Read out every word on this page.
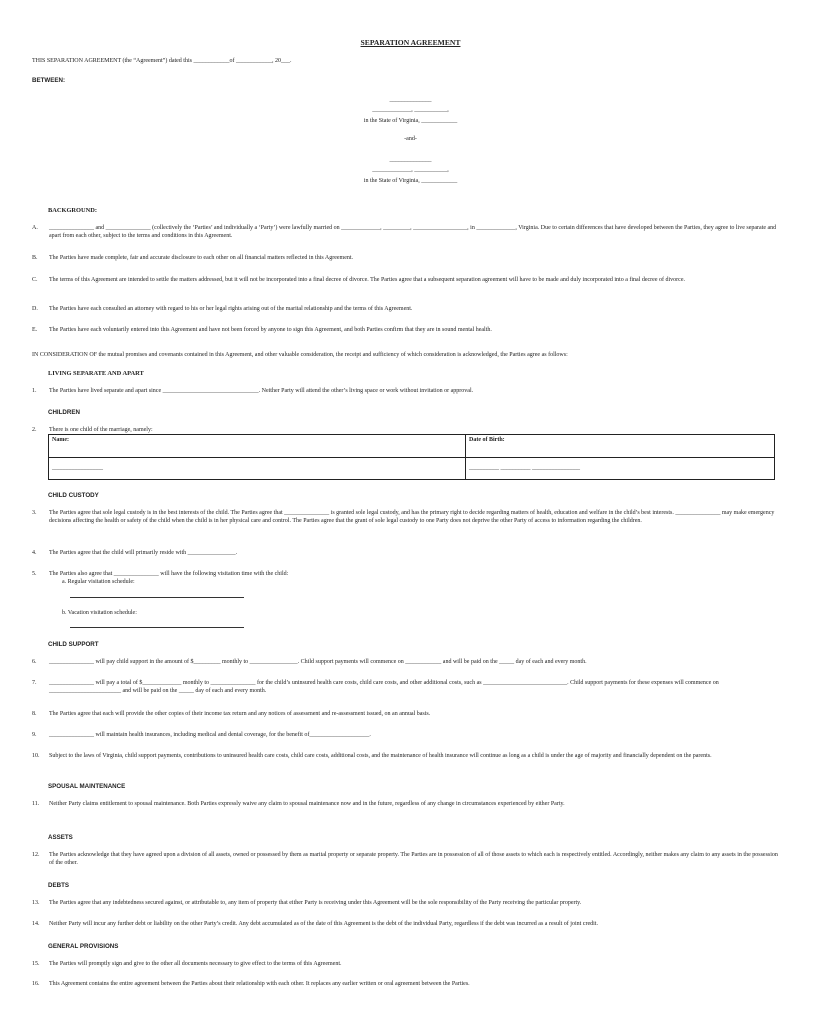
SEPARATION AGREEMENT
THIS SEPARATION AGREEMENT (the “Agreement”) dated this ____________of ____________, 20___.
BETWEEN:
______________
_____________, ___________,
in the State of Virginia, ____________
-and-
______________
_____________, ___________,
in the State of Virginia, ____________
BACKGROUND:
A.	_______________ and _______________ (collectively the ‘Parties’ and individually a ‘Party’) were lawfully married on _____________, _________, __________________, in _____________, Virginia. Due to certain differences that have developed between the Parties, they agree to live separate and apart from each other, subject to the terms and conditions in this Agreement.
B.	The Parties have made complete, fair and accurate disclosure to each other on all financial matters reflected in this Agreement.
C.	The terms of this Agreement are intended to settle the matters addressed, but it will not be incorporated into a final decree of divorce. The Parties agree that a subsequent separation agreement will have to be made and duly incorporated into a final decree of divorce.
D.	The Parties have each consulted an attorney with regard to his or her legal rights arising out of the marital relationship and the terms of this Agreement.
E.	The Parties have each voluntarily entered into this Agreement and have not been forced by anyone to sign this Agreement, and both Parties confirm that they are in sound mental health.
IN CONSIDERATION OF the mutual promises and covenants contained in this Agreement, and other valuable consideration, the receipt and sufficiency of which consideration is acknowledged, the Parties agree as follows:
LIVING SEPARATE AND APART
1.	The Parties have lived separate and apart since ________________________________. Neither Party will attend the other’s living space or work without invitation or approval.
CHILDREN
2.	There is one child of the marriage, namely:
Name:	Date of Birth:
_________________	__________ __________ ________________
CHILD CUSTODY
3.	The Parties agree that sole legal custody is in the best interests of the child. The Parties agree that _______________ is granted sole legal custody, and has the primary right to decide regarding matters of health, education and welfare in the child’s best interests. _______________ may make emergency decisions affecting the health or safety of the child when the child is in her physical care and control. The Parties agree that the grant of sole legal custody to one Party does not deprive the other Party of access to information regarding the children.
4.	The Parties agree that the child will primarily reside with ________________.
5.	The Parties also agree that _______________ will have the following visitation time with the child:
a. Regular visitation schedule:
b. Vacation visitation schedule:
CHILD SUPPORT
6.	_______________ will pay child support in the amount of $_________ monthly to ________________. Child support payments will commence on ____________ and will be paid on the _____ day of each and every month.
7.	_______________ will pay a total of $_____________ monthly to _______________ for the child’s uninsured health care costs, child care costs, and other additional costs, such as ____________________________. Child support payments for these expenses will commence on ________________________ and will be paid on the _____ day of each and every month.
8.	The Parties agree that each will provide the other copies of their income tax return and any notices of assessment and re-assessment issued, on an annual basis.
9.	_______________ will maintain health insurances, including medical and dental coverage, for the benefit of____________________.
10.	Subject to the laws of Virginia, child support payments, contributions to uninsured health care costs, child care costs, additional costs, and the maintenance of health insurance will continue as long as a child is under the age of majority and financially dependent on the parents.
SPOUSAL MAINTENANCE
11.	Neither Party claims entitlement to spousal maintenance. Both Parties expressly waive any claim to spousal maintenance now and in the future, regardless of any change in circumstances experienced by either Party.
ASSETS
12.	The Parties acknowledge that they have agreed upon a division of all assets, owned or possessed by them as marital property or separate property. The Parties are in possession of all of those assets to which each is respectively entitled. Accordingly, neither makes any claim to any assets in the possession of the other.
DEBTS
13.	The Parties agree that any indebtedness secured against, or attributable to, any item of property that either Party is receiving under this Agreement will be the sole responsibility of the Party receiving the particular property.
14.	Neither Party will incur any further debt or liability on the other Party’s credit. Any debt accumulated as of the date of this Agreement is the debt of the individual Party, regardless if the debt was incurred as a result of joint credit.
GENERAL PROVISIONS
15.	The Parties will promptly sign and give to the other all documents necessary to give effect to the terms of this Agreement.
16.	This Agreement contains the entire agreement between the Parties about their relationship with each other. It replaces any earlier written or oral agreement between the Parties.
